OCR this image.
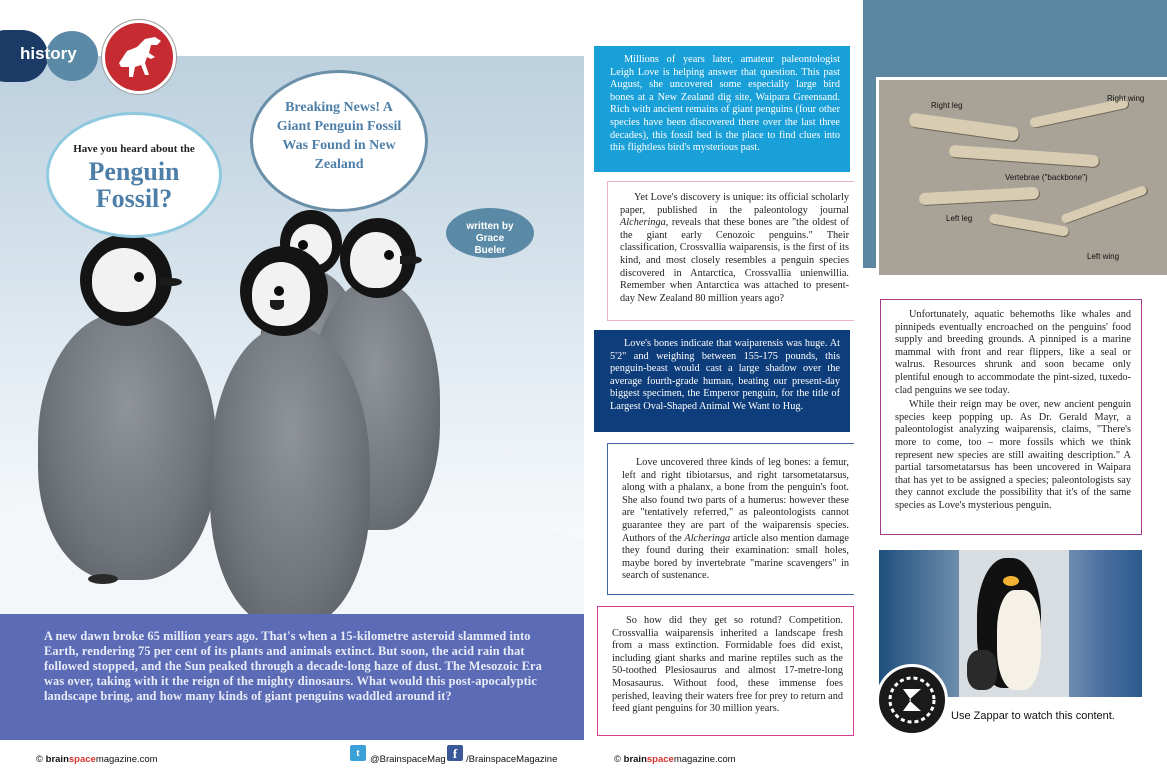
history
Have you heard about the
Penguin Fossil?
Breaking News! A Giant Penguin Fossil Was Found in New Zealand
written by Grace Bueler

A new dawn broke 65 million years ago. That's when a 15-kilometre asteroid slammed into Earth, rendering 75 per cent of its plants and animals extinct. But soon, the acid rain that followed stopped, and the Sun peaked through a decade-long haze of dust. The Mesozoic Era was over, taking with it the reign of the mighty dinosaurs. What would this post-apocalyptic landscape bring, and how many kinds of giant penguins waddled around it?

© brainspacemagazine.com
t
@BrainspaceMag f /BrainspaceMagazine

Millions of years later, amateur paleontologist Leigh Love is helping answer that question. This past August, she uncovered some especially large bird bones at a New Zealand dig site, Waipara Greensand. Rich with ancient remains of giant penguins (four other species have been discovered there over the last three decades), this fossil bed is the place to find clues into this flightless bird's mysterious past.

Yet Love's discovery is unique: its official scholarly paper, published in the paleontology journal Alcheringa, reveals that these bones are "the oldest of the giant early Cenozoic penguins." Their classification, Crossvallia waiparensis, is the first of its kind, and most closely resembles a penguin species discovered in Antarctica, Crossvallia unienwillia. Remember when Antarctica was attached to present-day New Zealand 80 million years ago?

Love's bones indicate that waiparensis was huge. At 5'2" and weighing between 155-175 pounds, this penguin-beast would cast a large shadow over the average fourth-grade human, beating our present-day biggest specimen, the Emperor penguin, for the title of Largest Oval-Shaped Animal We Want to Hug.

Love uncovered three kinds of leg bones: a femur, left and right tibiotarsus, and right tarsometatarsus, along with a phalanx, a bone from the penguin's foot. She also found two parts of a humerus: however these are "tentatively referred," as paleontologists cannot guarantee they are part of the waiparensis species. Authors of the Alcheringa article also mention damage they found during their examination: small holes, maybe bored by invertebrate "marine scavengers" in search of sustenance.

So how did they get so rotund? Competition. Crossvallia waiparensis inherited a landscape fresh from a mass extinction. Formidable foes did exist, including giant sharks and marine reptiles such as the 50-toothed Plesiosaurus and almost 17-metre-long Mosasaurus. Without food, these immense foes perished, leaving their waters free for prey to return and feed giant penguins for 30 million years.

© brainspacemagazine.com
Right leg
Right wing
Vertebrae ("backbone")
Left leg
Left wing

Unfortunately, aquatic behemoths like whales and pinnipeds eventually encroached on the penguins' food supply and breeding grounds. A pinniped is a marine mammal with front and rear flippers, like a seal or walrus. Resources shrunk and soon became only plentiful enough to accommodate the pint-sized, tuxedo-clad penguins we see today.

While their reign may be over, new ancient penguin species keep popping up. As Dr. Gerald Mayr, a paleontologist analyzing waiparensis, claims, "There's more to come, too – more fossils which we think represent new species are still awaiting description." A partial tarsometatarsus has been uncovered in Waipara that has yet to be assigned a species; paleontologists say they cannot exclude the possibility that it's of the same species as Love's mysterious penguin.

Use Zappar to watch this content.
